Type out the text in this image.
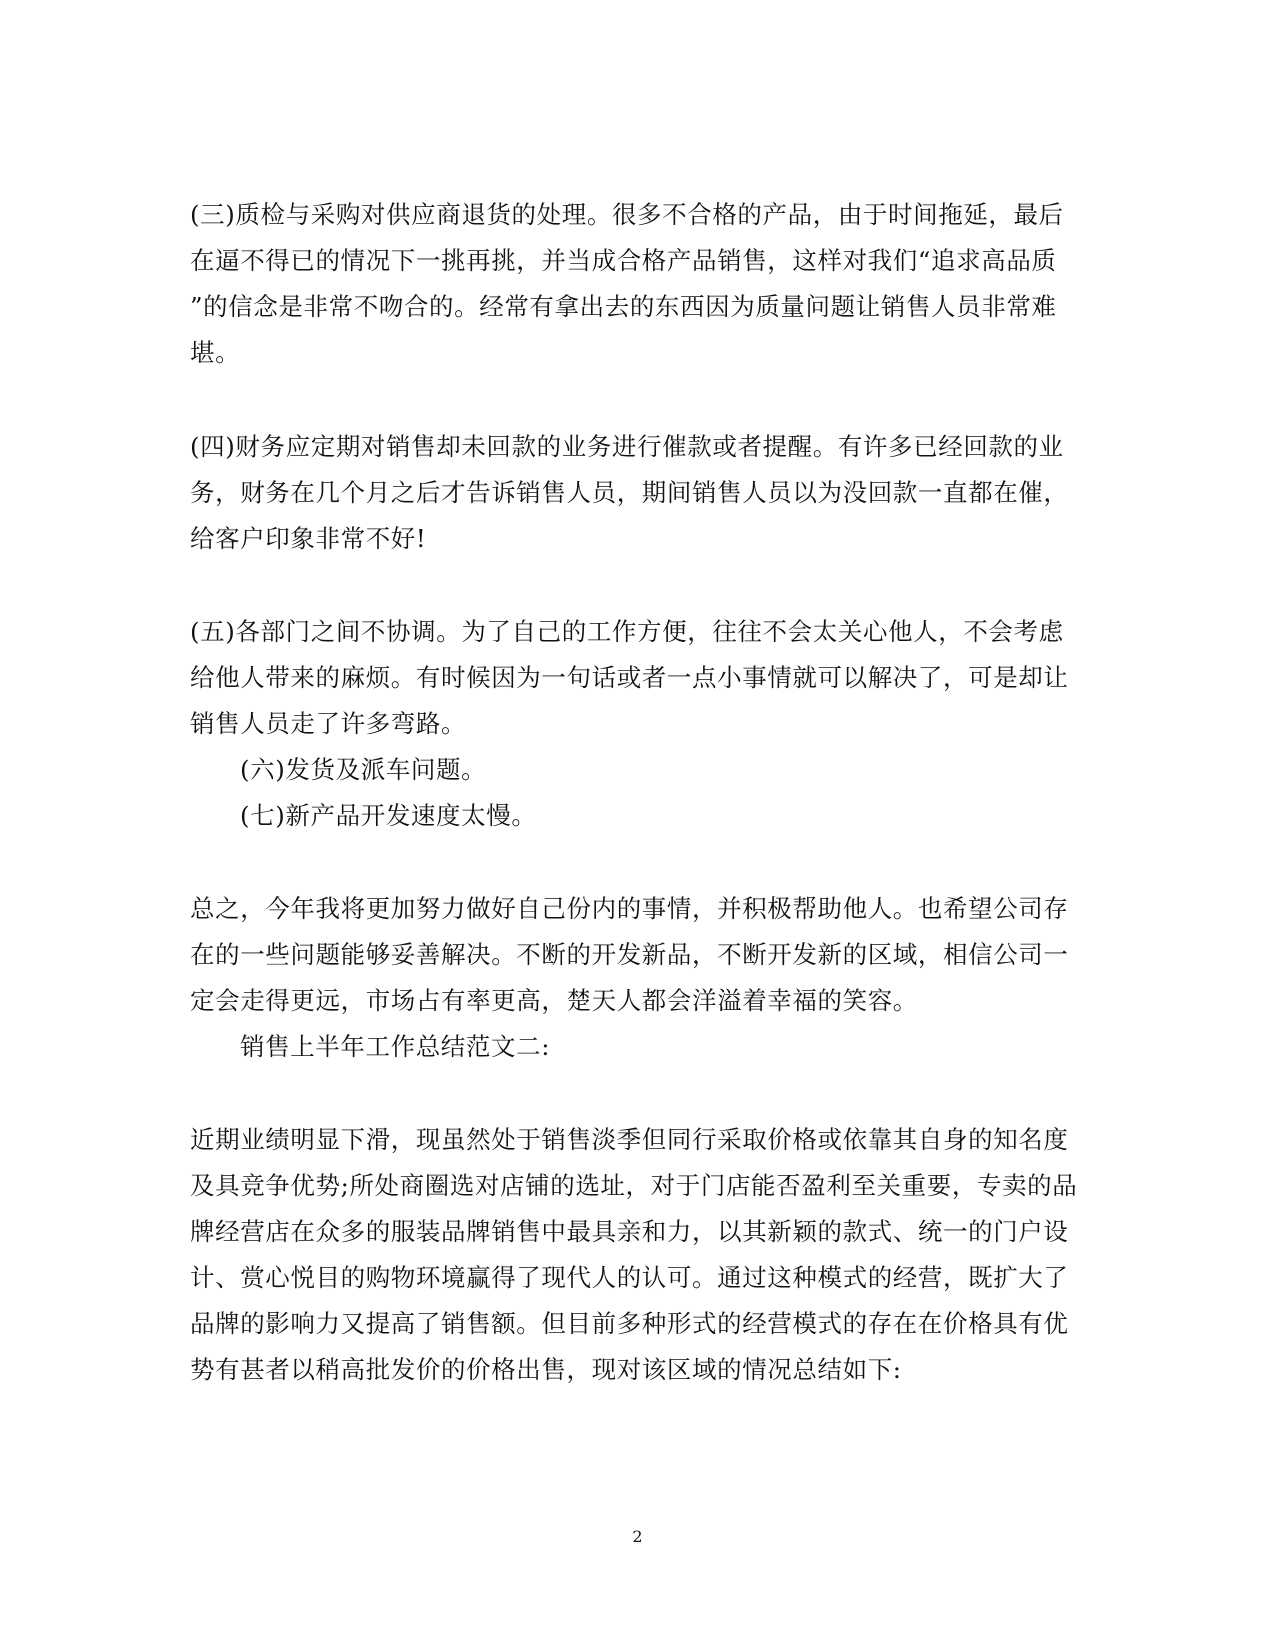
(三)质检与采购对供应商退货的处理。很多不合格的产品，由于时间拖延，最后
在逼不得已的情况下一挑再挑，并当成合格产品销售，这样对我们“追求高品质
”的信念是非常不吻合的。经常有拿出去的东西因为质量问题让销售人员非常难
堪。
(四)财务应定期对销售却未回款的业务进行催款或者提醒。有许多已经回款的业
务，财务在几个月之后才告诉销售人员，期间销售人员以为没回款一直都在催，
给客户印象非常不好!
(五)各部门之间不协调。为了自己的工作方便，往往不会太关心他人，不会考虑
给他人带来的麻烦。有时候因为一句话或者一点小事情就可以解决了，可是却让
销售人员走了许多弯路。
(六)发货及派车问题。
(七)新产品开发速度太慢。
总之，今年我将更加努力做好自己份内的事情，并积极帮助他人。也希望公司存
在的一些问题能够妥善解决。不断的开发新品，不断开发新的区域，相信公司一
定会走得更远，市场占有率更高，楚天人都会洋溢着幸福的笑容。
销售上半年工作总结范文二:
近期业绩明显下滑，现虽然处于销售淡季但同行采取价格或依靠其自身的知名度
及具竞争优势;所处商圈选对店铺的选址，对于门店能否盈利至关重要，专卖的品
牌经营店在众多的服装品牌销售中最具亲和力，以其新颖的款式、统一的门户设
计、赏心悦目的购物环境赢得了现代人的认可。通过这种模式的经营，既扩大了
品牌的影响力又提高了销售额。但目前多种形式的经营模式的存在在价格具有优
势有甚者以稍高批发价的价格出售，现对该区域的情况总结如下:
2
